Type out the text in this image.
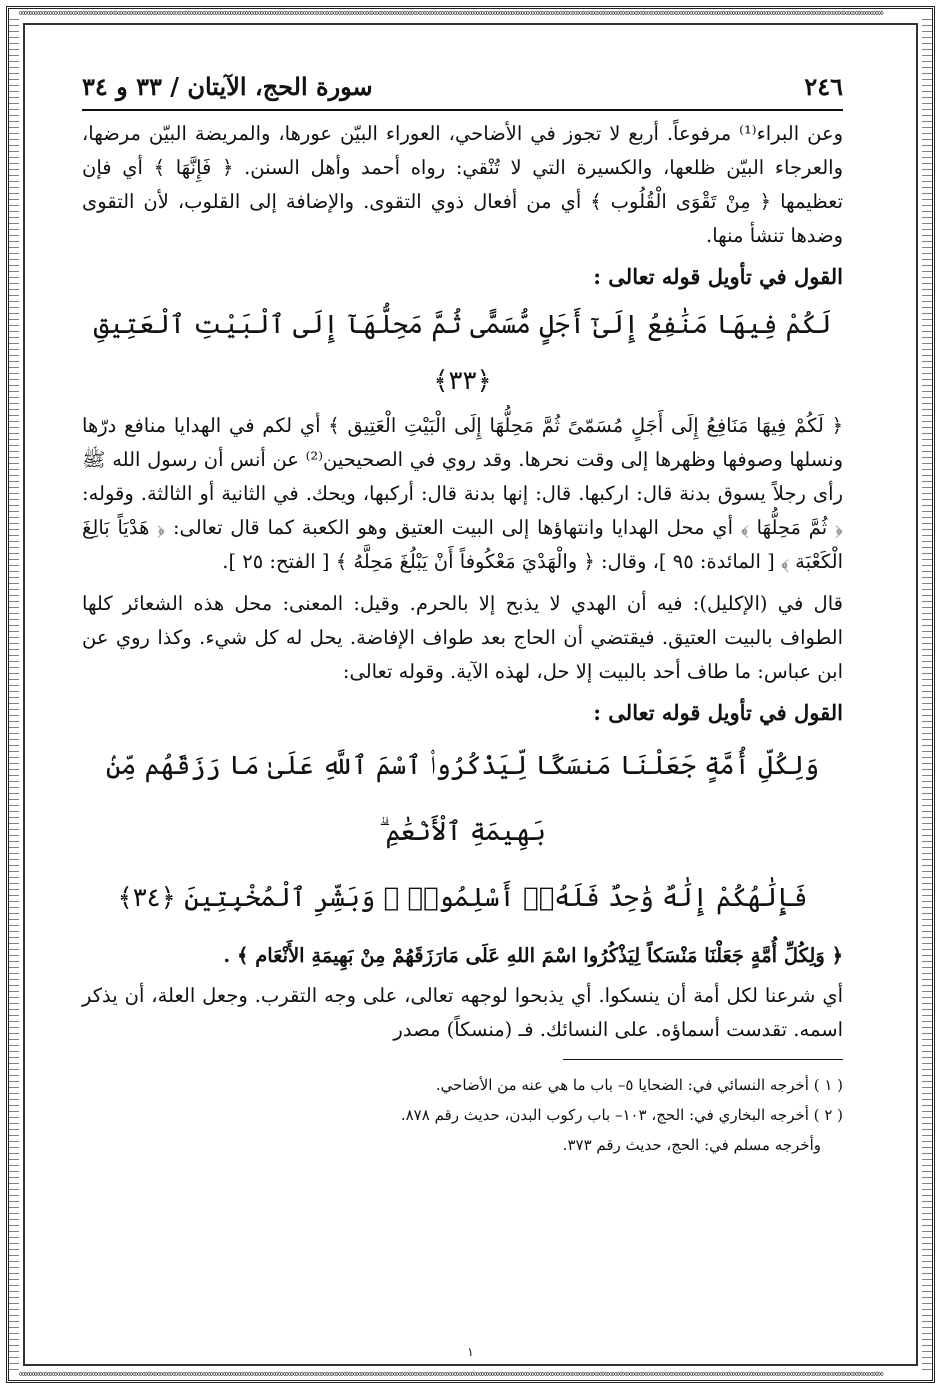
∞∞∞∞∞∞∞∞∞∞∞∞∞∞∞∞∞∞∞∞∞∞∞∞∞∞∞∞∞∞∞∞∞∞∞∞∞∞∞∞∞∞∞∞∞∞∞∞∞∞∞∞∞∞∞∞∞∞∞∞∞∞∞∞∞∞∞∞∞∞∞∞∞∞∞∞∞∞∞∞∞∞∞∞∞∞∞∞∞∞∞∞∞∞∞∞∞∞∞∞∞∞∞∞∞∞∞∞∞∞∞∞∞∞∞∞∞∞∞∞∞∞∞∞∞∞∞∞∞∞∞∞∞∞∞∞∞∞∞∞∞∞∞∞∞∞∞∞∞∞∞∞∞∞∞∞∞∞∞∞∞∞∞∞∞∞∞∞∞∞∞∞
∞∞∞∞∞∞∞∞∞∞∞∞∞∞∞∞∞∞∞∞∞∞∞∞∞∞∞∞∞∞∞∞∞∞∞∞∞∞∞∞∞∞∞∞∞∞∞∞∞∞∞∞∞∞∞∞∞∞∞∞∞∞∞∞∞∞∞∞∞∞∞∞∞∞∞∞∞∞∞∞∞∞∞∞∞∞∞∞∞∞∞∞∞∞∞∞∞∞∞∞∞∞∞∞∞∞∞∞∞∞∞∞∞∞∞∞∞∞∞∞∞∞∞∞∞∞∞∞∞∞∞∞∞∞∞∞∞∞∞∞∞∞∞∞∞∞∞∞∞∞∞∞∞∞∞∞∞∞∞∞∞∞∞∞∞∞∞∞∞∞∞∞
٢٤٦
سورة الحج، الآيتان / ٣٣ و ٣٤

وعن البراء⁽¹⁾ مرفوعاً. أربع لا تجوز في الأضاحي، العوراء البيّن عورها، والمريضة البيّن مرضها، والعرجاء البيّن ظلعها، والكسيرة التي لا تُنْقي: رواه أحمد وأهل السنن. ﴿ فَإِنَّهَا ﴾ أي فإن تعظيمها ﴿ مِنْ تَقْوَى الْقُلُوب ﴾ أي من أفعال ذوي التقوى. والإضافة إلى القلوب، لأن التقوى وضدها تنشأ منها.

القول في تأويل قوله تعالى :
لَكُمْ فِيهَا مَنَٰفِعُ إِلَىٰٓ أَجَلٍ مُّسَمًّى ثُمَّ مَحِلُّهَآ إِلَى ٱلْبَيْتِ ٱلْعَتِيقِ ﴿٣٣﴾

﴿ لَكُمْ فِيهَا مَنَافِعُ إِلَى أَجَلٍ مُسَمّىً ثُمَّ مَحِلُّهَا إِلَى الْبَيْتِ الْعَتِيق ﴾ أي لكم في الهدايا منافع درّها ونسلها وصوفها وظهرها إلى وقت نحرها. وقد روي في الصحيحين⁽²⁾ عن أنس أن رسول الله ﷺ رأى رجلاً يسوق بدنة قال: اركبها. قال: إنها بدنة قال: أركبها، ويحك. في الثانية أو الثالثة. وقوله: ﴿ ثُمَّ مَحِلُّهَا ﴾ أي محل الهدايا وانتهاؤها إلى البيت العتيق وهو الكعبة كما قال تعالى: ﴿ هَدْيَاً بَالِغَ الْكَعْبَة ﴾ [ المائدة: ٩٥ ]، وقال: ﴿ والْهَدْيَ مَعْكُوفاً أَنْ يَبْلُغَ مَحِلَّهُ ﴾ [ الفتح: ٢٥ ].

قال في (الإكليل): فيه أن الهدي لا يذبح إلا بالحرم. وقيل: المعنى: محل هذه الشعائر كلها الطواف بالبيت العتيق. فيقتضي أن الحاج بعد طواف الإفاضة. يحل له كل شيء. وكذا روي عن ابن عباس: ما طاف أحد بالبيت إلا حل، لهذه الآية. وقوله تعالى:

القول في تأويل قوله تعالى :
وَلِكُلِّ أُمَّةٍ جَعَلْنَا مَنسَكًا لِّيَذْكُرُوا۟ ٱسْمَ ٱللَّهِ عَلَىٰ مَا رَزَقَهُم مِّنۢ بَهِيمَةِ ٱلْأَنْعَٰمِ ۗ
فَإِلَٰهُكُمْ إِلَٰهٌ وَٰحِدٌ فَلَهُۥٓ أَسْلِمُوا۟ ۗ وَبَشِّرِ ٱلْمُخْبِتِينَ ﴿٣٤﴾

﴿ وَلِكُلِّ أُمَّةٍ جَعَلْنَا مَنْسَكاً لِيَذْكُرُوا اسْمَ اللهِ عَلَى مَارَزَقَهُمْ مِنْ بَهِيمَةِ الأَنْعَام ﴾ .

أي شرعنا لكل أمة أن ينسكوا. أي يذبحوا لوجهه تعالى، على وجه التقرب. وجعل العلة، أن يذكر اسمه. تقدست أسماؤه. على النسائك. فـ (منسكاً) مصدر

( ١ ) أخرجه النسائي في: الضحايا ٥– باب ما هي عنه من الأضاحي.

( ٢ ) أخرجه البخاري في: الحج، ١٠٣– باب ركوب البدن، حديث رقم ٨٧٨.

وأخرجه مسلم في: الحج، حديث رقم ٣٧٣.

١
